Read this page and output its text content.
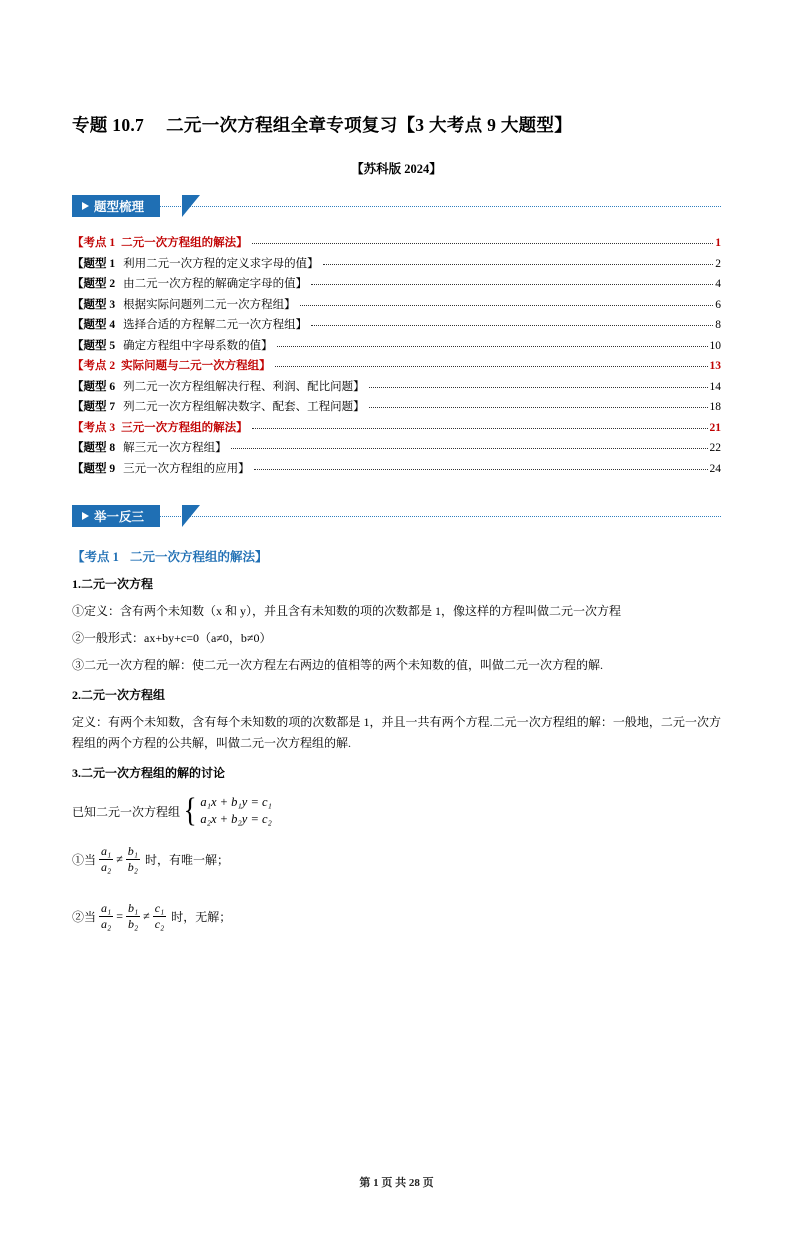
专题 10.7 二元一次方程组全章专项复习【3 大考点 9 大题型】
【苏科版 2024】
题型梳理
【考点 1 二元一次方程组的解法】	1
【题型 1 利用二元一次方程的定义求字母的值】	2
【题型 2 由二元一次方程的解确定字母的值】	4
【题型 3 根据实际问题列二元一次方程组】	6
【题型 4 选择合适的方程解二元一次方程组】	8
【题型 5 确定方程组中字母系数的值】	10
【考点 2 实际问题与二元一次方程组】	13
【题型 6 列二元一次方程组解决行程、利润、配比问题】	14
【题型 7 列二元一次方程组解决数字、配套、工程问题】	18
【考点 3 三元一次方程组的解法】	21
【题型 8 解三元一次方程组】	22
【题型 9 三元一次方程组的应用】	24
举一反三
【考点 1 二元一次方程组的解法】
1.二元一次方程
①定义：含有两个未知数（x 和 y），并且含有未知数的项的次数都是 1，像这样的方程叫做二元一次方程
②一般形式：ax+by+c=0（a≠0，b≠0）
③二元一次方程的解：使二元一次方程左右两边的值相等的两个未知数的值，叫做二元一次方程的解.
2.二元一次方程组
定义：有两个未知数，含有每个未知数的项的次数都是 1，并且一共有两个方程.二元一次方程组的解：一般地，二元一次方程组的两个方程的公共解，叫做二元一次方程组的解.
3.二元一次方程组的解的讨论
已知二元一次方程组 { a₁x + b₁y = c₁
a₂x + b₂y = c₂
①当 $\frac{\text{a₁}}{\text{a₂}} \ne \frac{\text{b₁}}{\text{b₂}}$ 时，有唯一解；
②当 $\frac{\text{a₁}}{\text{a₂}} = \frac{\text{b₁}}{\text{b₂}} \ne \frac{\text{c₁}}{\text{c₂}}$ 时，无解；
第 1 页 共 28 页
